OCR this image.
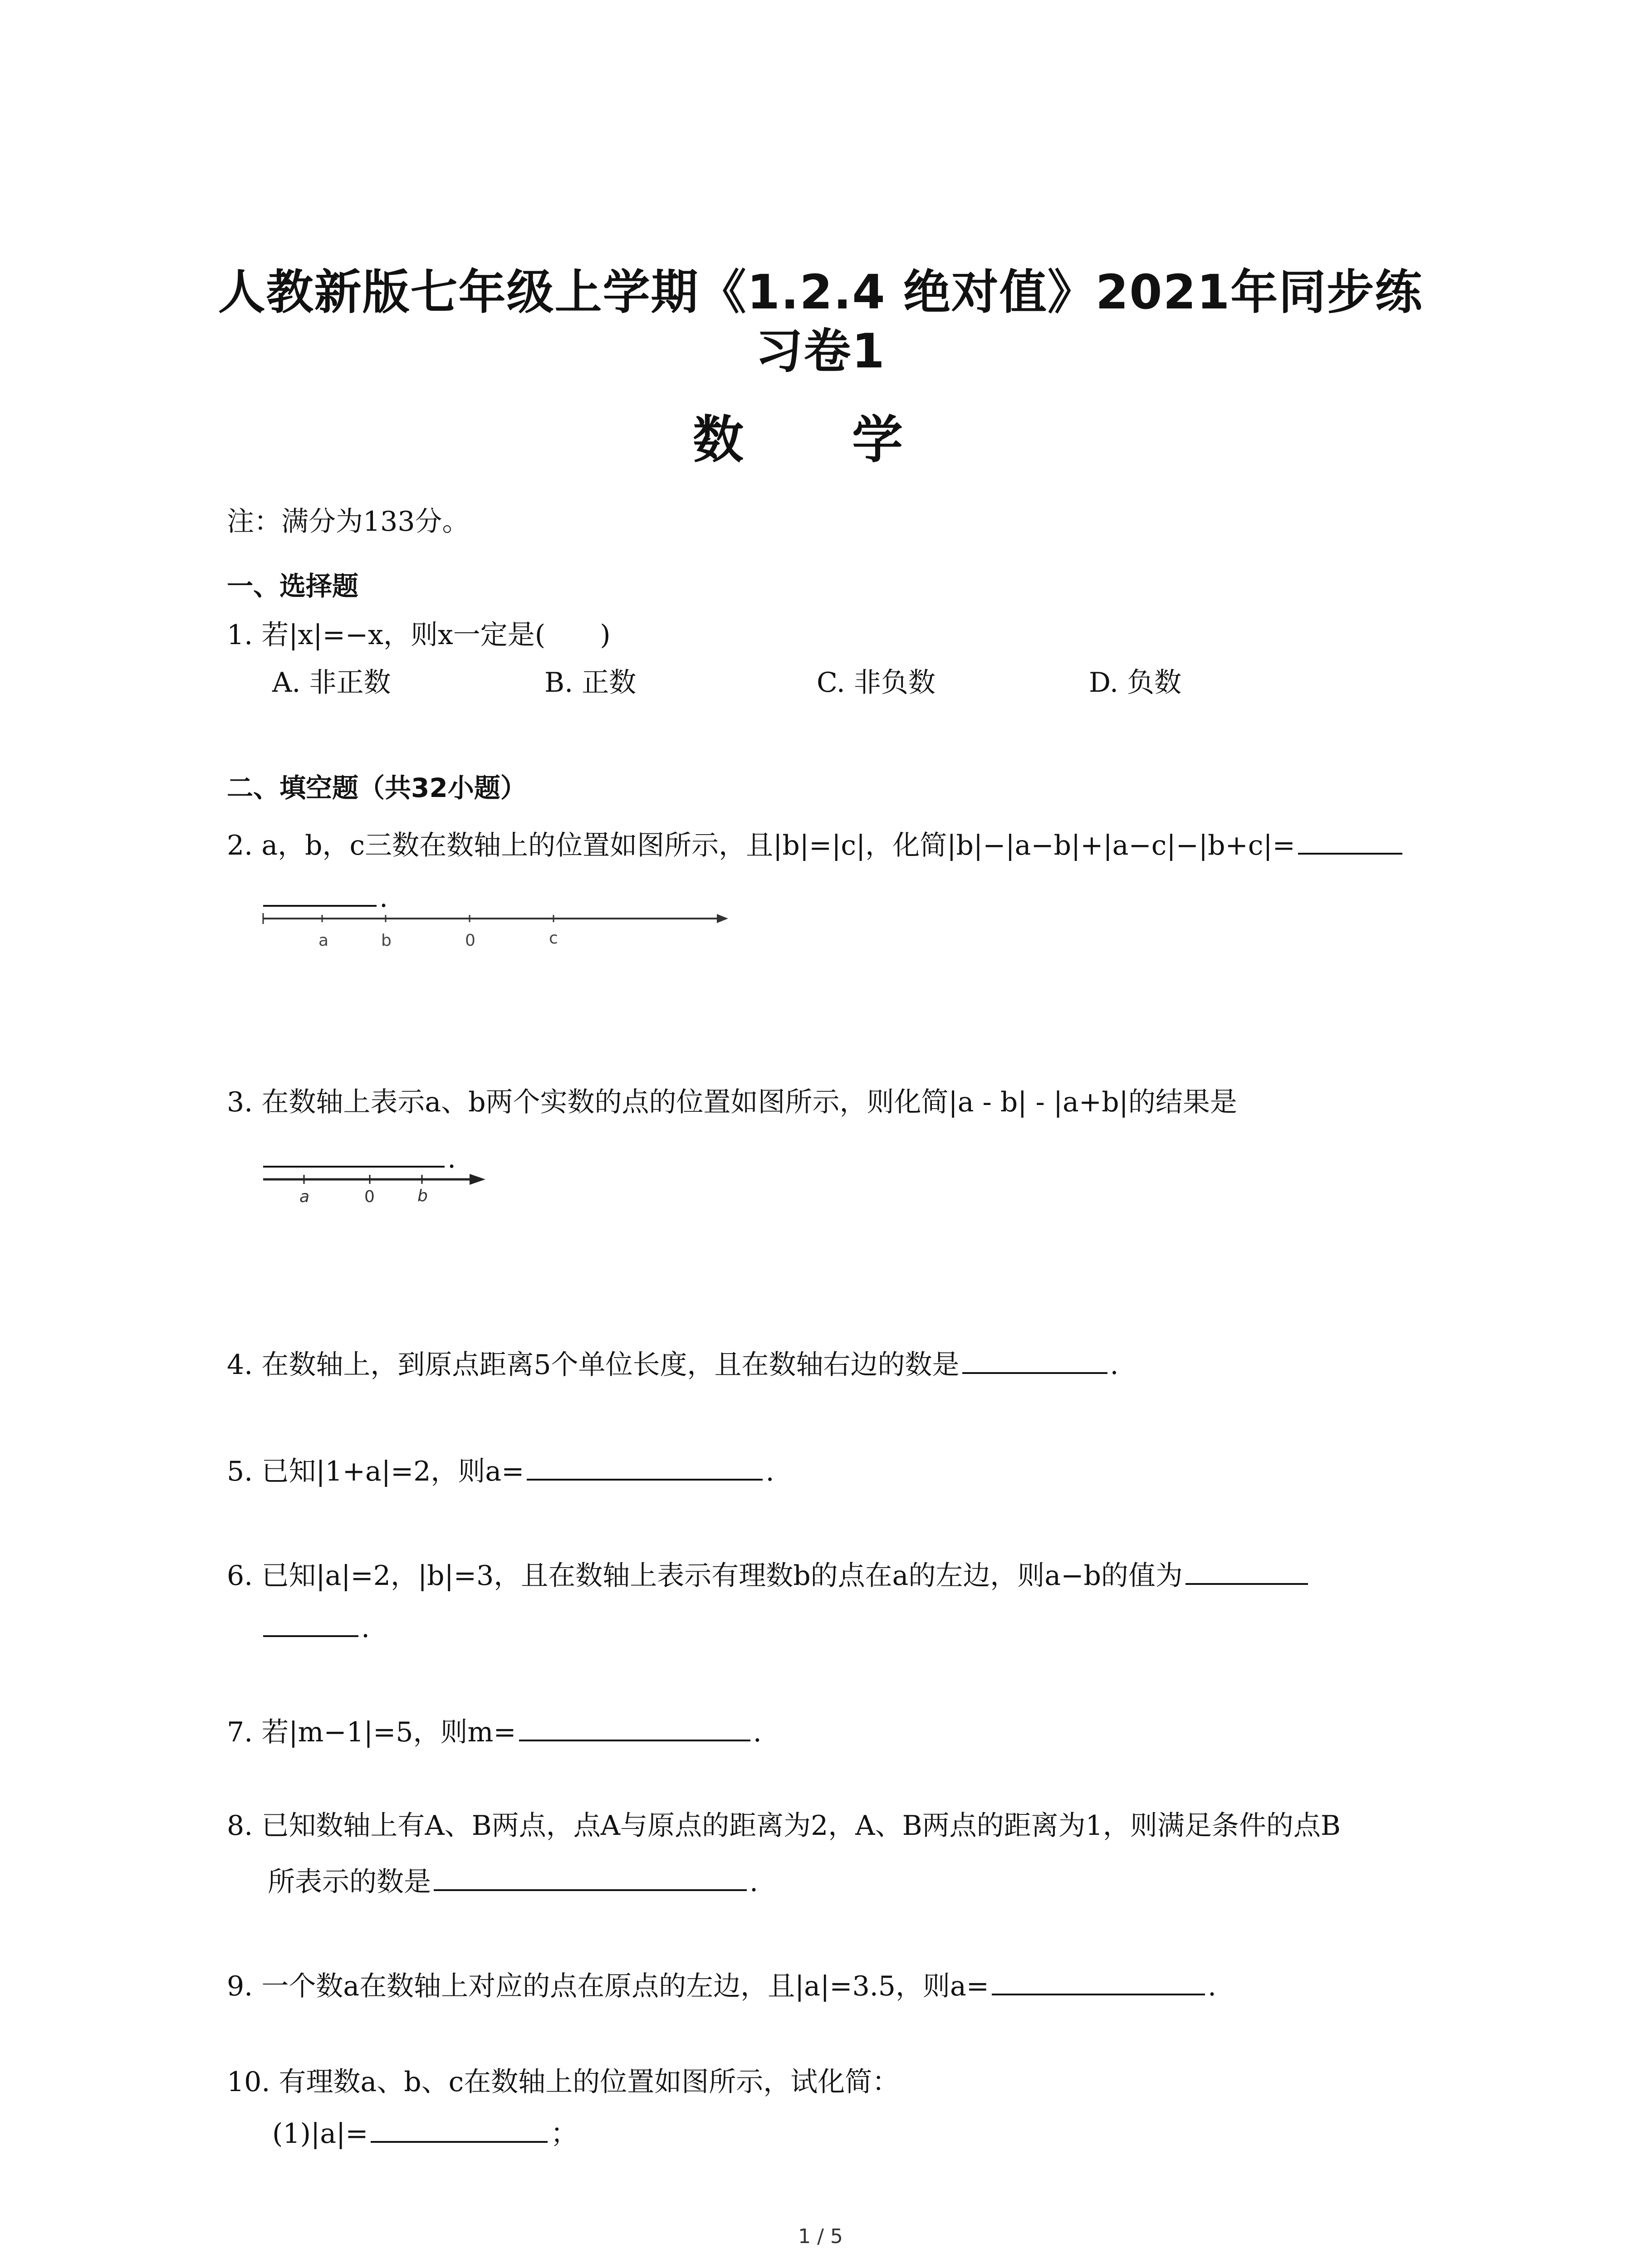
人教新版七年级上学期《1.2.4 绝对值》2021年同步练
习卷1
数 学
注：满分为133分。
一、选择题
1. 若|x|=−x，则x一定是(　　)
A. 非正数	B. 正数	C. 非负数	D. 负数
二、填空题（共32小题）
2. a，b，c三数在数轴上的位置如图所示，且|b|=|c|，化简|b|−|a−b|+|a−c|−|b+c|=
.
a	b	0	c
3. 在数轴上表示a、b两个实数的点的位置如图所示，则化简|a - b| - |a+b|的结果是
.
a	0	b
4. 在数轴上，到原点距离5个单位长度，且在数轴右边的数是	.
5. 已知|1+a|=2，则a=	.
6. 已知|a|=2，|b|=3，且在数轴上表示有理数b的点在a的左边，则a−b的值为
.
7. 若|m−1|=5，则m=	.
8. 已知数轴上有A、B两点，点A与原点的距离为2，A、B两点的距离为1，则满足条件的点B
所表示的数是	.
9. 一个数a在数轴上对应的点在原点的左边，且|a|=3.5，则a=	.
10. 有理数a、b、c在数轴上的位置如图所示，试化简：
(1)|a|=	；
1 / 5
